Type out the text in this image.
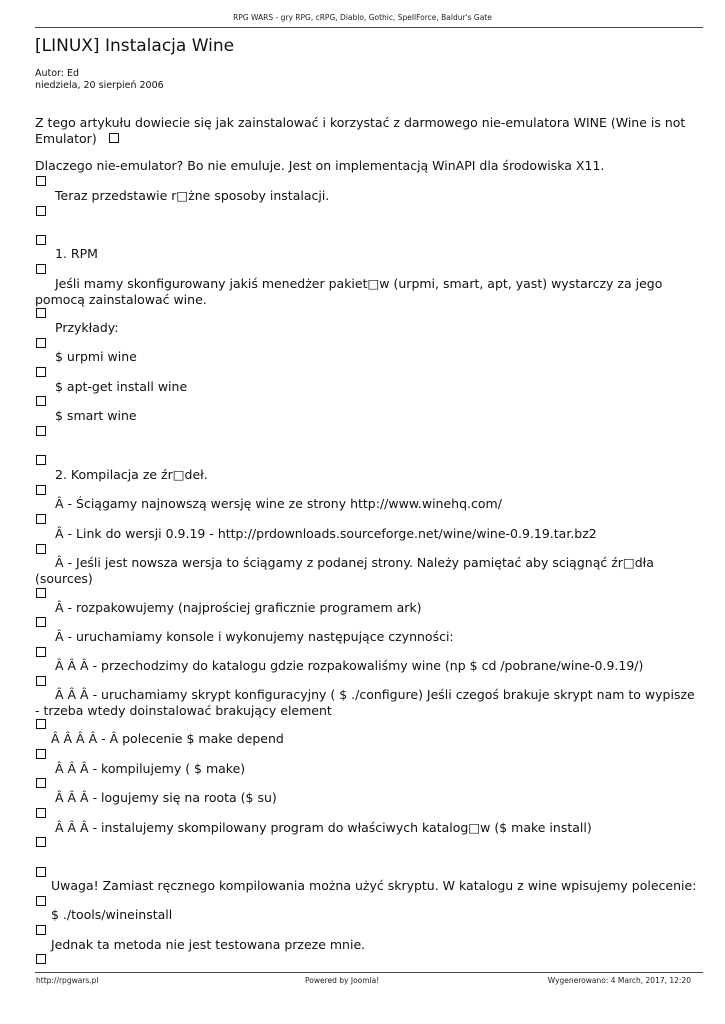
RPG WARS - gry RPG, cRPG, Diablo, Gothic, SpellForce, Baldur's Gate
[LINUX] Instalacja Wine
Autor: Ed
niedziela, 20 sierpień 2006
Z tego artykułu dowiecie się jak zainstalować i korzystać z darmowego nie-emulatora WINE (Wine is not Emulator)
Dlaczego nie-emulator? Bo nie emuluje. Jest on implementacją WinAPI dla środowiska X11.
Teraz przedstawie r□żne sposoby instalacji.
1. RPM
Jeśli mamy skonfigurowany jakiś menedżer pakiet□w (urpmi, smart, apt, yast) wystarczy za jego pomocą zainstalować wine.
Przykłady:
$ urpmi wine
$ apt-get install wine
$ smart wine
2. Kompilacja ze źr□deł.
Â - Ściągamy najnowszą wersję wine ze strony http://www.winehq.com/
Â - Link do wersji 0.9.19 - http://prdownloads.sourceforge.net/wine/wine-0.9.19.tar.bz2
Â - Jeśli jest nowsza wersja to ściągamy z podanej strony. Należy pamiętać aby sciągnąć źr□dła (sources)
Â - rozpakowujemy (najprościej graficznie programem ark)
Â - uruchamiamy konsole i wykonujemy następujące czynności:
Â Â Â - przechodzimy do katalogu gdzie rozpakowaliśmy wine (np $ cd /pobrane/wine-0.9.19/)
Â Â Â - uruchamiamy skrypt konfiguracyjny ( $ ./configure) Jeśli czegoś brakuje skrypt nam to wypisze - trzeba wtedy doinstalować brakujący element
Â Â Â Â - Â polecenie $ make depend
Â Â Â - kompilujemy ( $ make)
Â Â Â - logujemy się na roota ($ su)
Â Â Â - instalujemy skompilowany program do właściwych katalog□w ($ make install)
Uwaga! Zamiast ręcznego kompilowania można użyć skryptu. W katalogu z wine wpisujemy polecenie:
$ ./tools/wineinstall
Jednak ta metoda nie jest testowana przeze mnie.
http://rpgwars.pl	Powered by Joomla!	Wygenerowano: 4 March, 2017, 12:20
